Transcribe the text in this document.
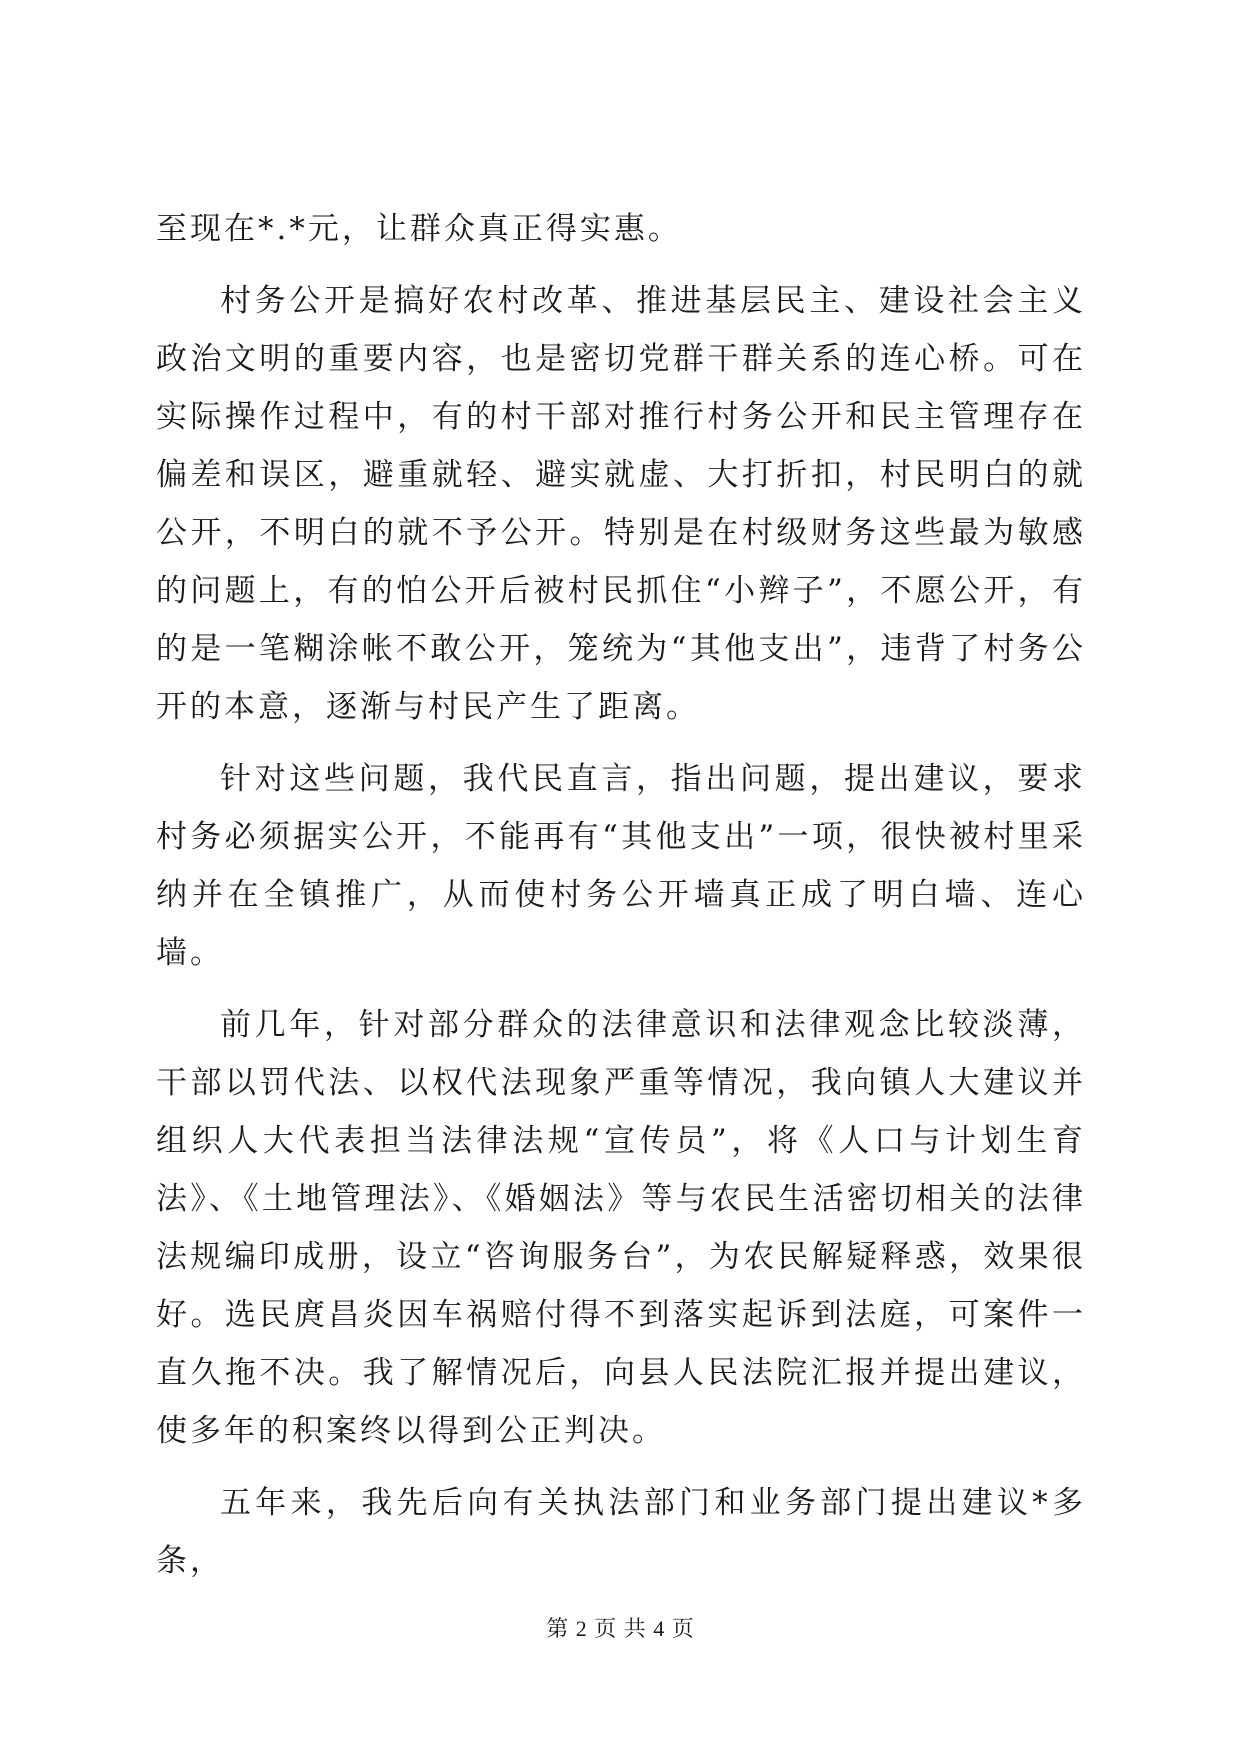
至现在*.*元，让群众真正得实惠。

村务公开是搞好农村改革、推进基层民主、建设社会主义政治文明的重要内容，也是密切党群干群关系的连心桥。可在实际操作过程中，有的村干部对推行村务公开和民主管理存在偏差和误区，避重就轻、避实就虚、大打折扣，村民明白的就公开，不明白的就不予公开。特别是在村级财务这些最为敏感的问题上，有的怕公开后被村民抓住“小辫子”，不愿公开，有的是一笔糊涂帐不敢公开，笼统为“其他支出”，违背了村务公开的本意，逐渐与村民产生了距离。

针对这些问题，我代民直言，指出问题，提出建议，要求村务必须据实公开，不能再有“其他支出”一项，很快被村里采纳并在全镇推广，从而使村务公开墙真正成了明白墙、连心墙。

前几年，针对部分群众的法律意识和法律观念比较淡薄，干部以罚代法、以权代法现象严重等情况，我向镇人大建议并组织人大代表担当法律法规“宣传员”，将《人口与计划生育法》、《土地管理法》、《婚姻法》等与农民生活密切相关的法律法规编印成册，设立“咨询服务台”，为农民解疑释惑，效果很好。选民庹昌炎因车祸赔付得不到落实起诉到法庭，可案件一直久拖不决。我了解情况后，向县人民法院汇报并提出建议，使多年的积案终以得到公正判决。

五年来，我先后向有关执法部门和业务部门提出建议*多条，

第 2 页 共 4 页
